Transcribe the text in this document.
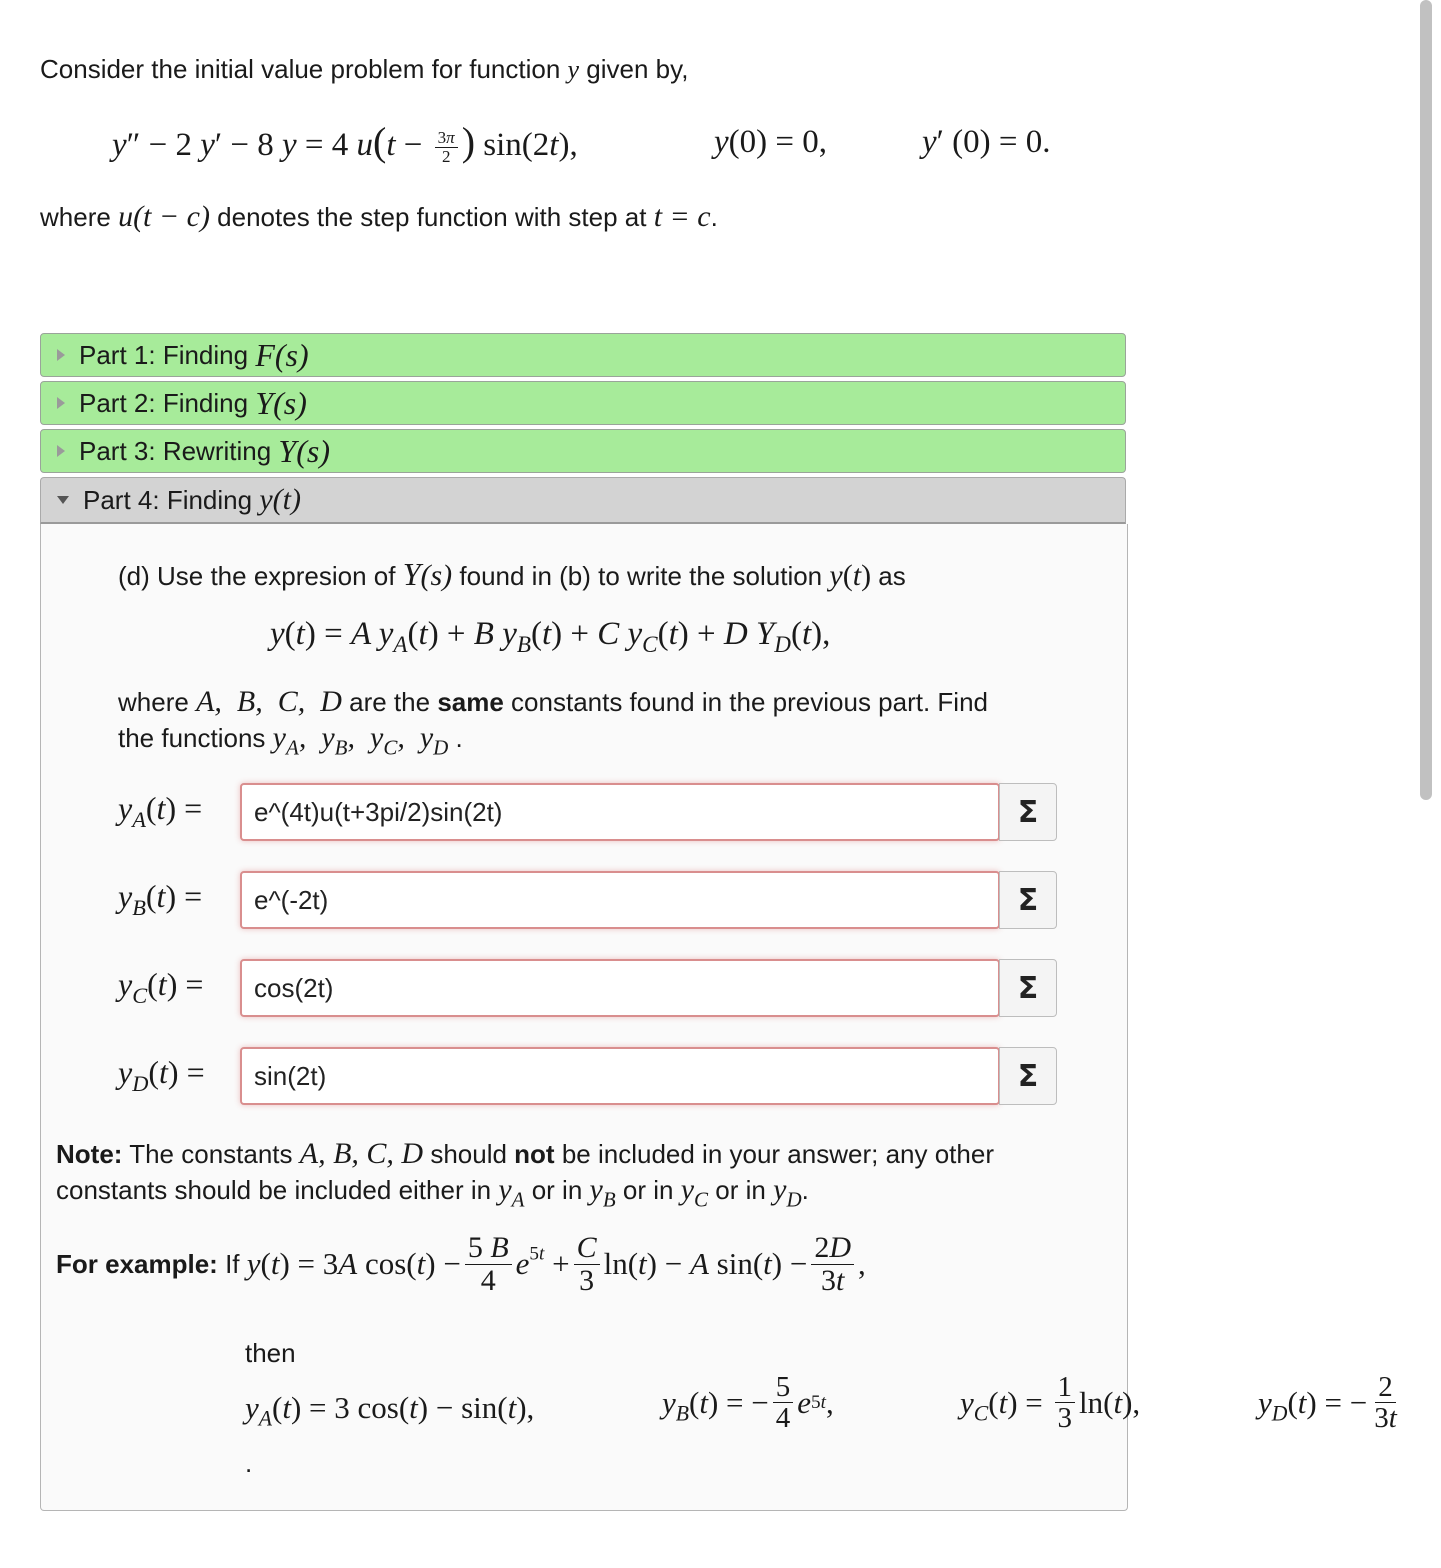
Consider the initial value problem for function y given by,
y″ − 2 y′ − 8 y = 4 $u(t - \frac{3\pi}{2}$ ) sin(2t),	y(0) = 0,	y′ (0) = 0.
where u(t − c) denotes the step function with step at t = c.
Part 1: Finding
F(s)
Part 2: Finding
Y(s)
Part 3: Rewriting
Y(s)
Part 4: Finding
y(t)
(d) Use the expresion of Y(s) found in (b) to write the solution y(t) as
y(t) = A $y_A(t) + B$ $y_B(t) + C$ $y_C(t) + D$ $Y_D(t)$,
where A,  B,  C,  D are the same constants found in the previous part. Find
the functions $y_A$,  $y_B$,  $y_C$,  $y_D$ .
$y_A(t)$ =
e^(4t)u(t+3pi/2)sin(2t)	Σ
$y_B(t)$ =
e^(-2t)	Σ
$y_C(t)$ =
cos(2t)	Σ
$y_D(t)$ =
sin(2t)	Σ
Note: The constants A, B, C, D should not be included in your answer; any other
constants should be included either in $y_A$ or in $y_B$ or in $y_C$ or in $y_D$.
For example:
If
y(t) = 3A $\cos(t) - \frac{5 B}{4} e^{5t} + \frac{C}{3} \ln(t) - A$ $\sin(t) - \frac{2D}{3t}$ ,
then
$y_A(t) = 3$ cos(t) − sin(t),	$y_B$ ( t ) = − $\frac{5}{4}$ e 5t ,	$y_C$ ( t ) = $\frac{1}{3} \ln$( t ),	$y_D$ ( t ) = − $\frac{2}{3t}$
.
